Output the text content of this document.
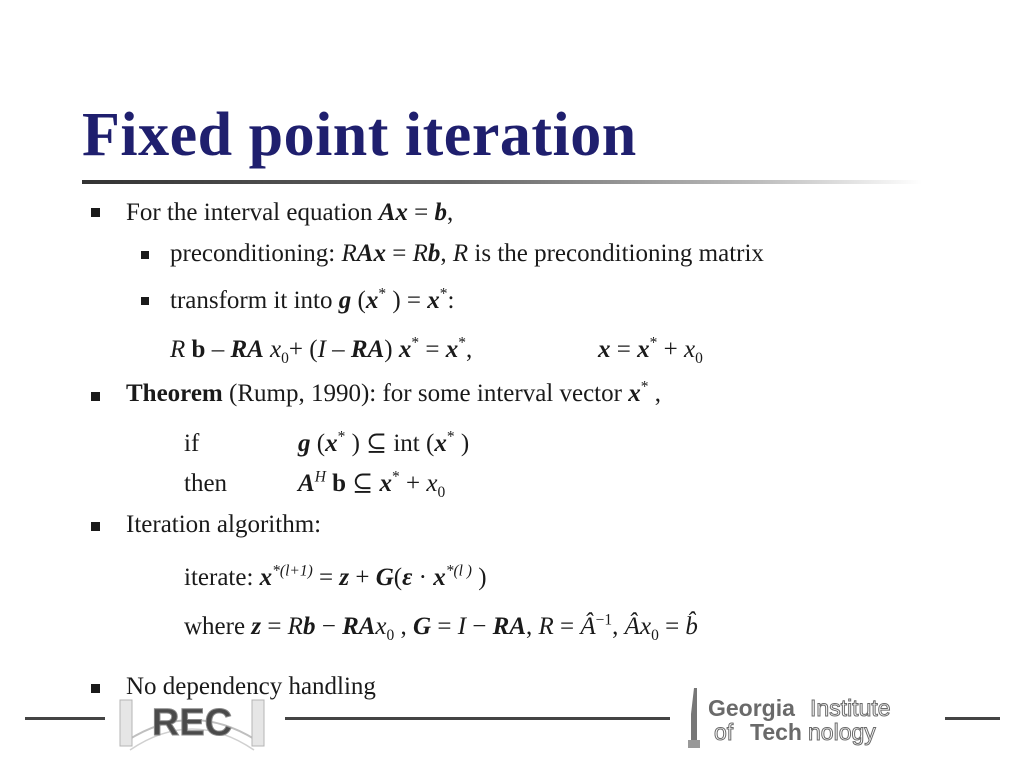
Fixed point iteration
For the interval equation Ax = b,
preconditioning: RAx = Rb, R is the preconditioning matrix
transform it into g (x* ) = x*:
R b – RA $x_0+ (I - RA) x^* = x^*$,	$x = x^* + x_0$
Theorem (Rump, 1990): for some interval vector x* ,
if	g (x* ) ⊆ int (x* )
then	$A^H$ b ⊆ $x^* + x_0$
Iteration algorithm:
iterate: $x^{*(l+1)} = z + G(\varepsilon \cdot x^{*(l )}$ )
where z = Rb − RAx$_0$ , G = I − RA, $R = Â^{-1}$, $Âx_0$ = b̂
No dependency handling
REC	Georgia Institute
of Tech nology
